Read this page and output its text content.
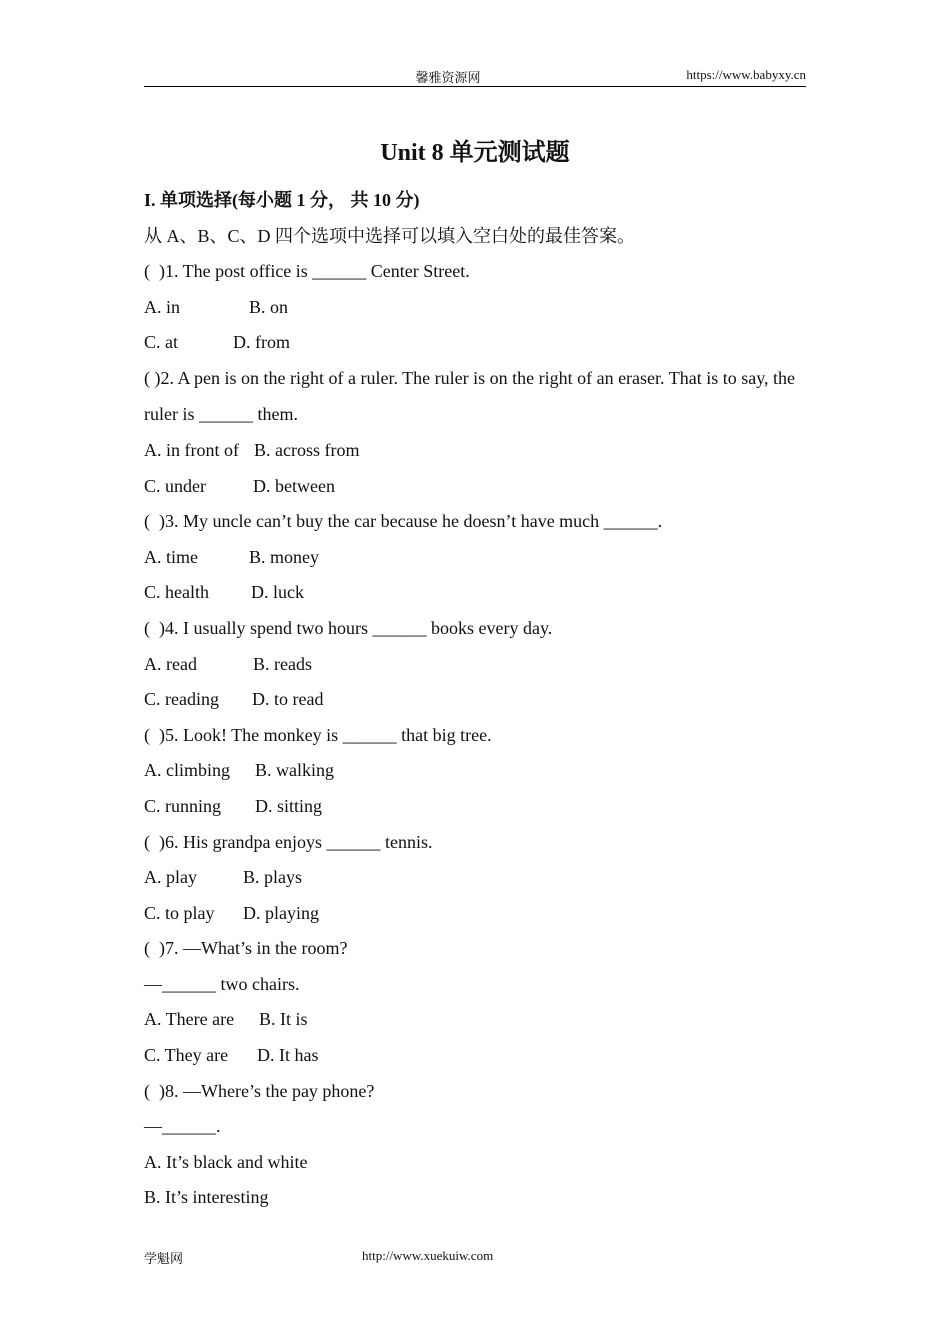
馨雅资源网	https://www.babyxy.cn
Unit 8 单元测试题
I. 单项选择(每小题 1 分， 共 10 分)
从 A、B、C、D 四个选项中选择可以填入空白处的最佳答案。
(  )1. The post office is ______ Center Street.
A. in	B. on
C. at	D. from
( )2. A pen is on the right of a ruler. The ruler is on the right of an eraser. That is to say, the ruler is ______ them.
A. in front of B. across from
C. under	D. between
(  )3. My uncle can’t buy the car because he doesn’t have much ______.
A. time	B. money
C. health	D. luck
(  )4. I usually spend two hours ______ books every day.
A. read	B. reads
C. reading	D. to read
(  )5. Look! The monkey is ______ that big tree.
A. climbing	B. walking
C. running	D. sitting
(  )6. His grandpa enjoys ______ tennis.
A. play	B. plays
C. to play	D. playing
(  )7. —What’s in the room?
—______ two chairs.
A. There are	B. It is
C. They are	D. It has
(  )8. —Where’s the pay phone?
—______.
A. It’s black and white
B. It’s interesting
学魁网	http://www.xuekuiw.com
